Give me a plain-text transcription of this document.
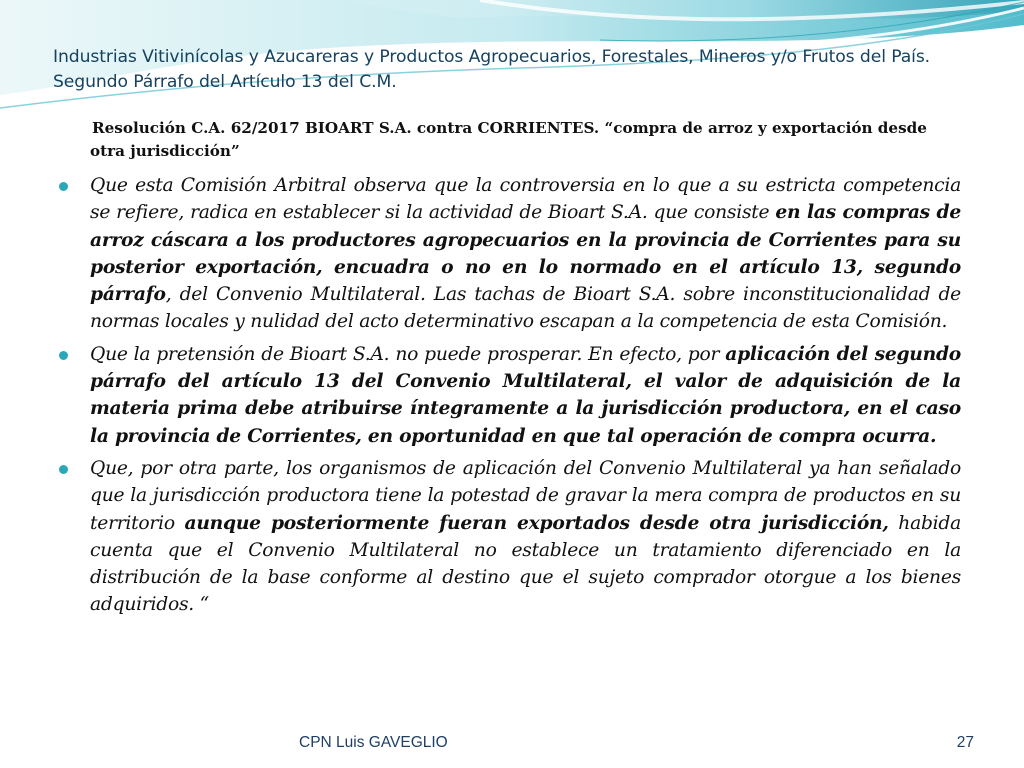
Industrias Vitivinícolas y Azucareras y Productos Agropecuarios, Forestales, Mineros y/o Frutos del País. Segundo Párrafo del Artículo 13 del C.M.

Resolución C.A. 62/2017 BIOART S.A. contra CORRIENTES. “compra de arroz y exportación desde otra jurisdicción”

Que esta Comisión Arbitral observa que la controversia en lo que a su estricta competencia se refiere, radica en establecer si la actividad de Bioart S.A. que consiste en las compras de arroz cáscara a los productores agropecuarios en la provincia de Corrientes para su posterior exportación, encuadra o no en lo normado en el artículo 13, segundo párrafo, del Convenio Multilateral. Las tachas de Bioart S.A. sobre inconstitucionalidad de normas locales y nulidad del acto determinativo escapan a la competencia de esta Comisión.

Que la pretensión de Bioart S.A. no puede prosperar. En efecto, por aplicación del segundo párrafo del artículo 13 del Convenio Multilateral, el valor de adquisición de la materia prima debe atribuirse íntegramente a la jurisdicción productora, en el caso la provincia de Corrientes, en oportunidad en que tal operación de compra ocurra.

Que, por otra parte, los organismos de aplicación del Convenio Multilateral ya han señalado que la jurisdicción productora tiene la potestad de gravar la mera compra de productos en su territorio aunque posteriormente fueran exportados desde otra jurisdicción, habida cuenta que el Convenio Multilateral no establece un tratamiento diferenciado en la distribución de la base conforme al destino que el sujeto comprador otorgue a los bienes adquiridos. “

CPN Luis GAVEGLIO	27
